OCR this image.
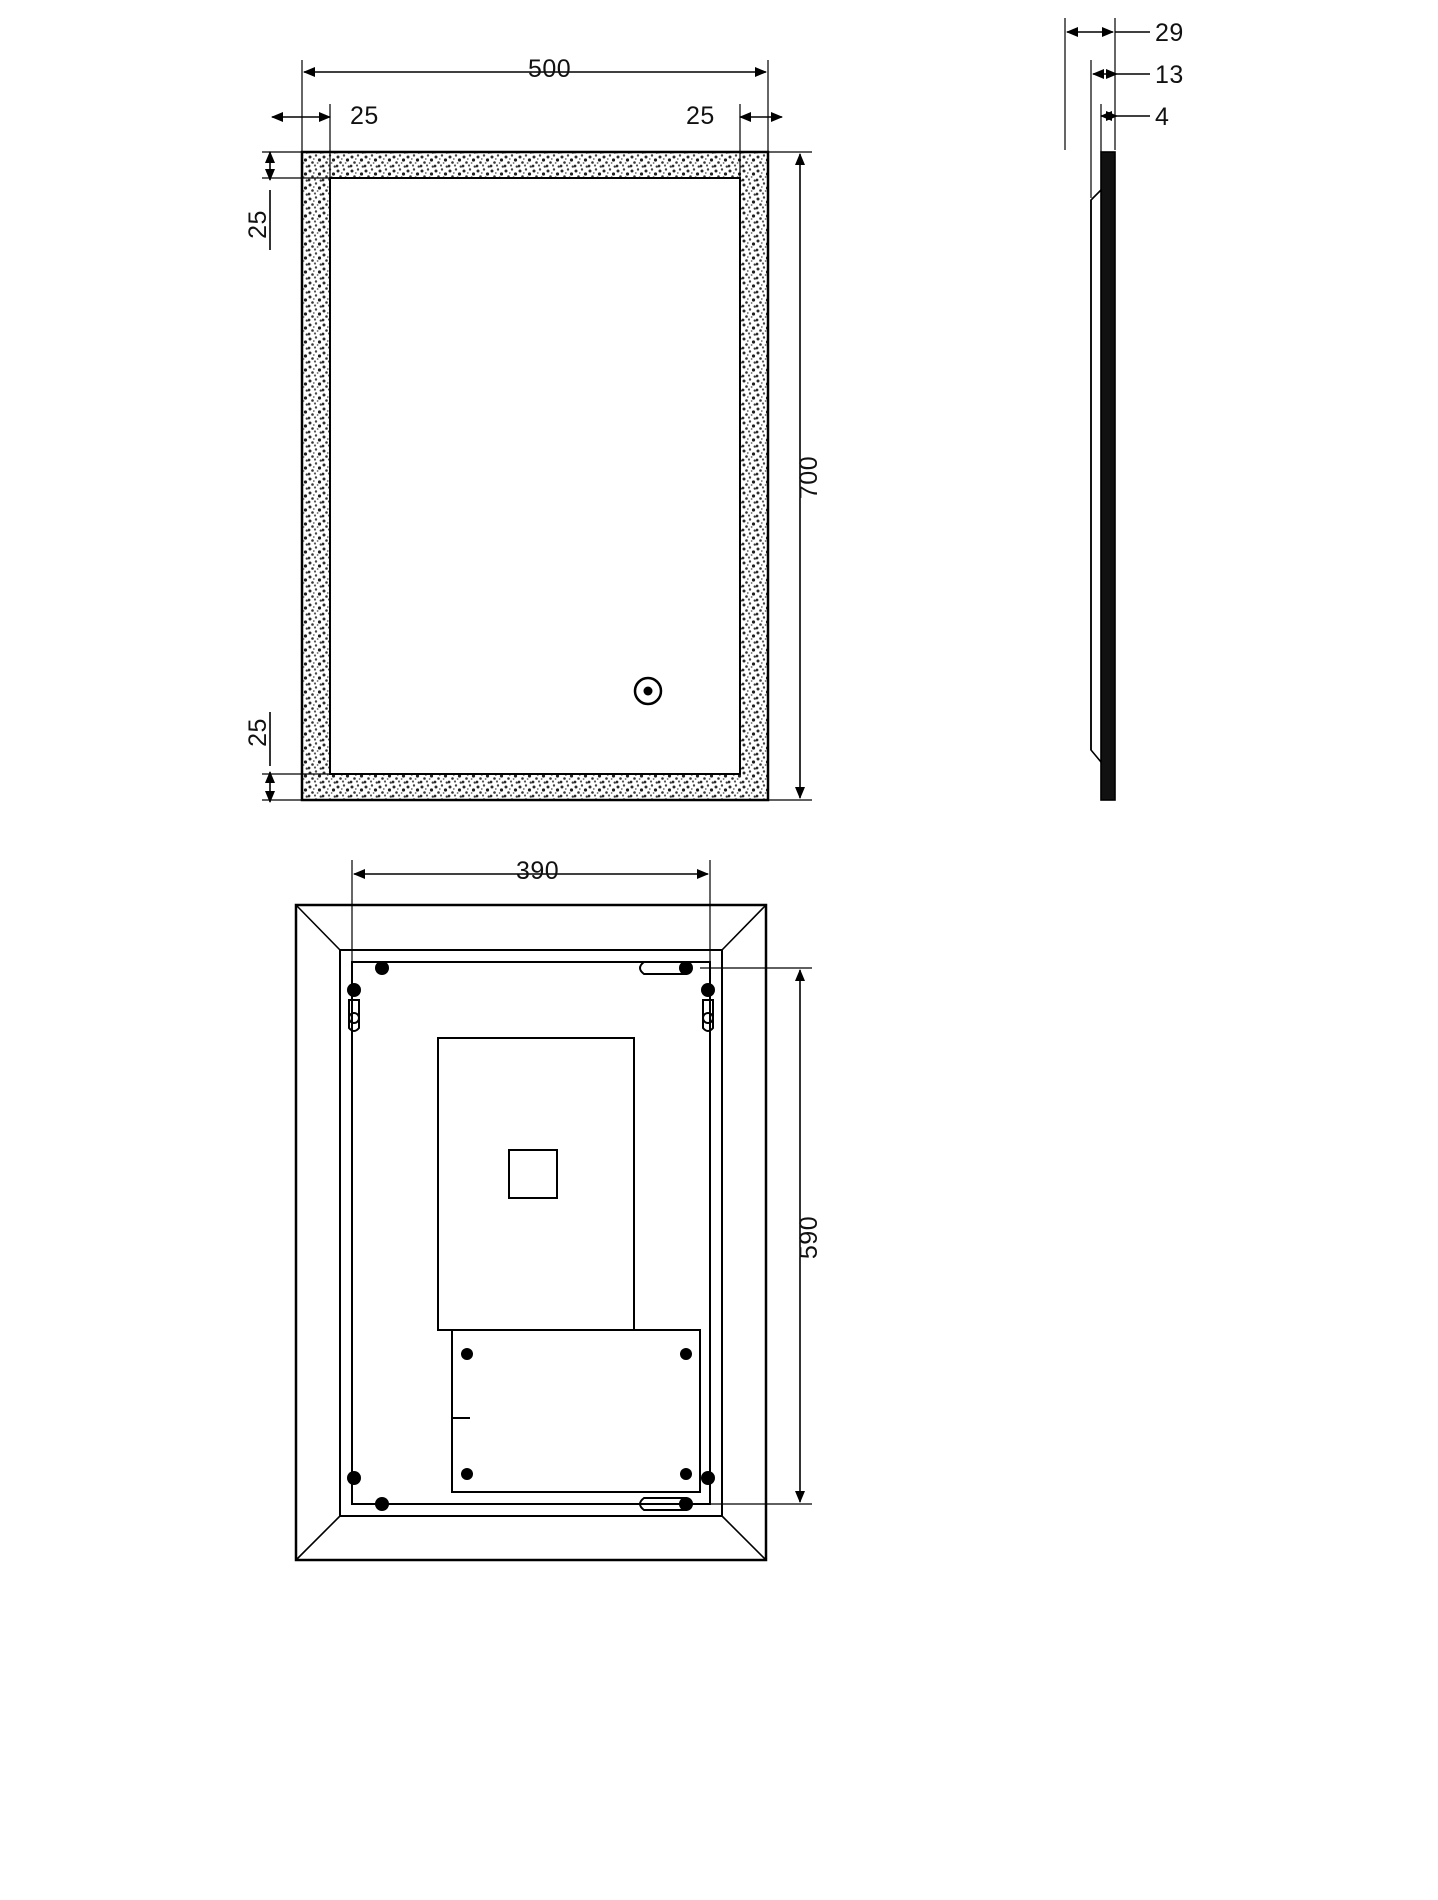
500
25	25
25
25
700
29
13
4
390
590
